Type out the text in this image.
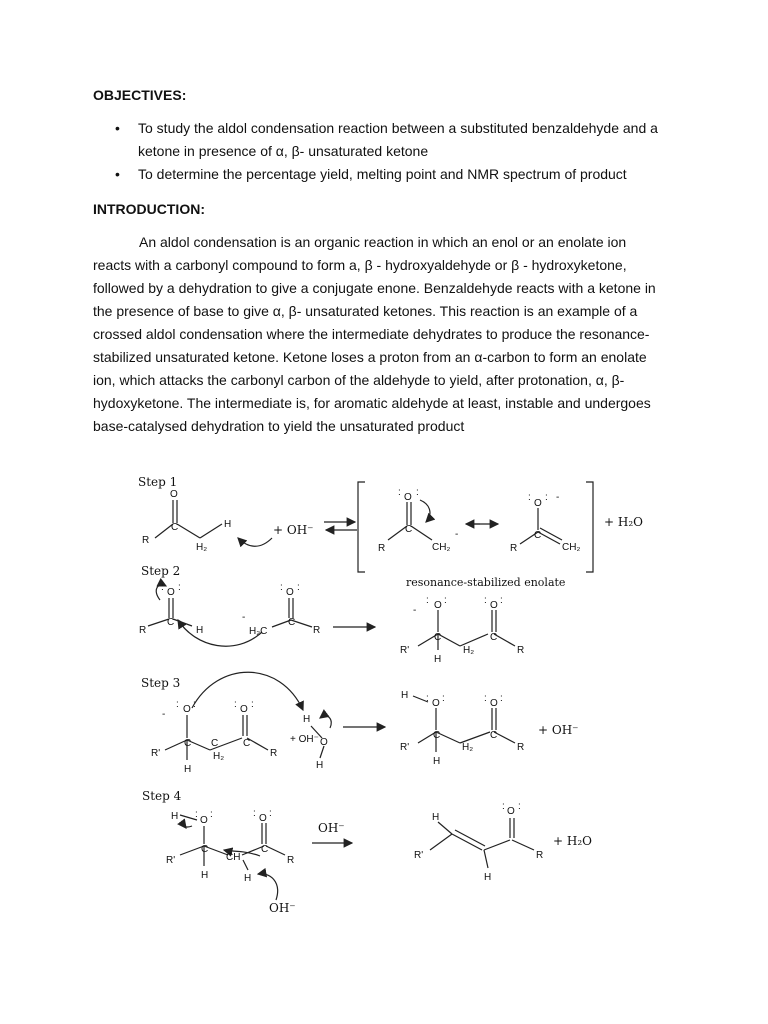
OBJECTIVES:
• To study the aldol condensation reaction between a substituted benzaldehyde and a
ketone in presence of α, β- unsaturated ketone
• To determine the percentage yield, melting point and NMR spectrum of product
INTRODUCTION:

An aldol condensation is an organic reaction in which an enol or an enolate ion
reacts with a carbonyl compound to form a, β - hydroxyaldehyde or β - hydroxyketone,
followed by a dehydration to give a conjugate enone. Benzaldehyde reacts with a ketone in
the presence of base to give α, β- unsaturated ketones. This reaction is an example of a
crossed aldol condensation where the intermediate dehydrates to produce the resonance-
stabilized unsaturated ketone. Ketone loses a proton from an α-carbon to form an enolate
ion, which attacks the carbonyl carbon of the aldehyde to yield, after protonation, α, β-
hydoxyketone. The intermediate is, for aromatic aldehyde at least, instable and undergoes
base-catalysed dehydration to yield the unsaturated product

Step 1
Step 2
Step 3
Step 4
resonance-stabilized enolate
O
C
R
H₂
H	+ OH⁻
O
: :
C
R	CH₂
-
O
: : -
C
R	CH₂
+ H₂O
O
: :
C
R	H
-
H₂C
O
: :
C
R
- O
: :
C
R'
H
H₂
O
: :
C
R
- O
: :
C
R'
H
C
H₂
O
: :
C
R
+ OH⁻
H
O
H
H
O
: :
C
R'
H
H₂
O
: :
C
R
+ OH⁻
H O
: :
C
R'
H
CH
O
: :
C
R
H
OH⁻
OH⁻
H
R'
H
O
: :
R
+ H₂O
